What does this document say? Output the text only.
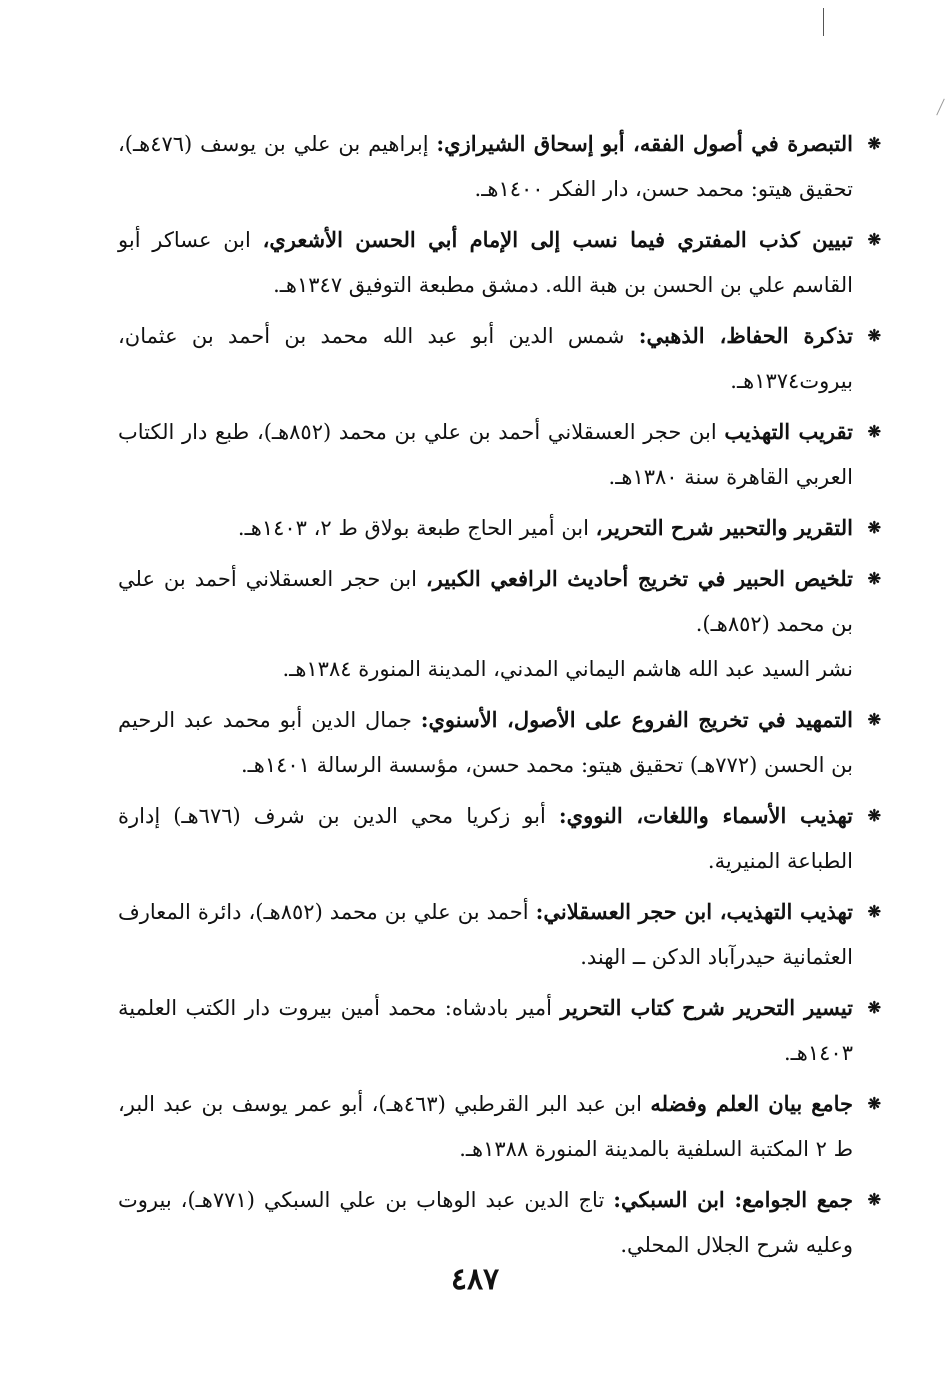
❋
التبصرة في أصول الفقه، أبو إسحاق الشيرازي: إبراهيم بن علي بن يوسف (٤٧٦هـ)، تحقيق هيتو: محمد حسن، دار الفكر ١٤٠٠هـ.
❋
تبيين كذب المفتري فيما نسب إلى الإمام أبي الحسن الأشعري، ابن عساكر أبو القاسم علي بن الحسن بن هبة الله. دمشق مطبعة التوفيق ١٣٤٧هـ.
❋
تذكرة الحفاظ، الذهبي: شمس الدين أبو عبد الله محمد بن أحمد بن عثمان، بيروت١٣٧٤هـ.
❋
تقريب التهذيب ابن حجر العسقلاني أحمد بن علي بن محمد (٨٥٢هـ)، طبع دار الكتاب العربي القاهرة سنة ١٣٨٠هـ.
❋
التقرير والتحبير شرح التحرير، ابن أمير الحاج طبعة بولاق ط ٢، ١٤٠٣هـ.
❋
تلخيص الحبير في تخريج أحاديث الرافعي الكبير، ابن حجر العسقلاني أحمد بن علي بن محمد (٨٥٢هـ).
نشر السيد عبد الله هاشم اليماني المدني، المدينة المنورة ١٣٨٤هـ.
❋
التمهيد في تخريج الفروع على الأصول، الأسنوي: جمال الدين أبو محمد عبد الرحيم بن الحسن (٧٧٢هـ) تحقيق هيتو: محمد حسن، مؤسسة الرسالة ١٤٠١هـ.
❋
تهذيب الأسماء واللغات، النووي: أبو زكريا محي الدين بن شرف (٦٧٦هـ) إدارة الطباعة المنيرية.
❋
تهذيب التهذيب، ابن حجر العسقلاني: أحمد بن علي بن محمد (٨٥٢هـ)، دائرة المعارف العثمانية حيدرآباد الدكن ــ الهند.
❋
تيسير التحرير شرح كتاب التحرير أمير بادشاه: محمد أمين بيروت دار الكتب العلمية ١٤٠٣هـ.
❋
جامع بيان العلم وفضله ابن عبد البر القرطبي (٤٦٣هـ)، أبو عمر يوسف بن عبد البر، ط ٢ المكتبة السلفية بالمدينة المنورة ١٣٨٨هـ.
❋
جمع الجوامع: ابن السبكي: تاج الدين عبد الوهاب بن علي السبكي (٧٧١هـ)، بيروت وعليه شرح الجلال المحلي.
٤٨٧
